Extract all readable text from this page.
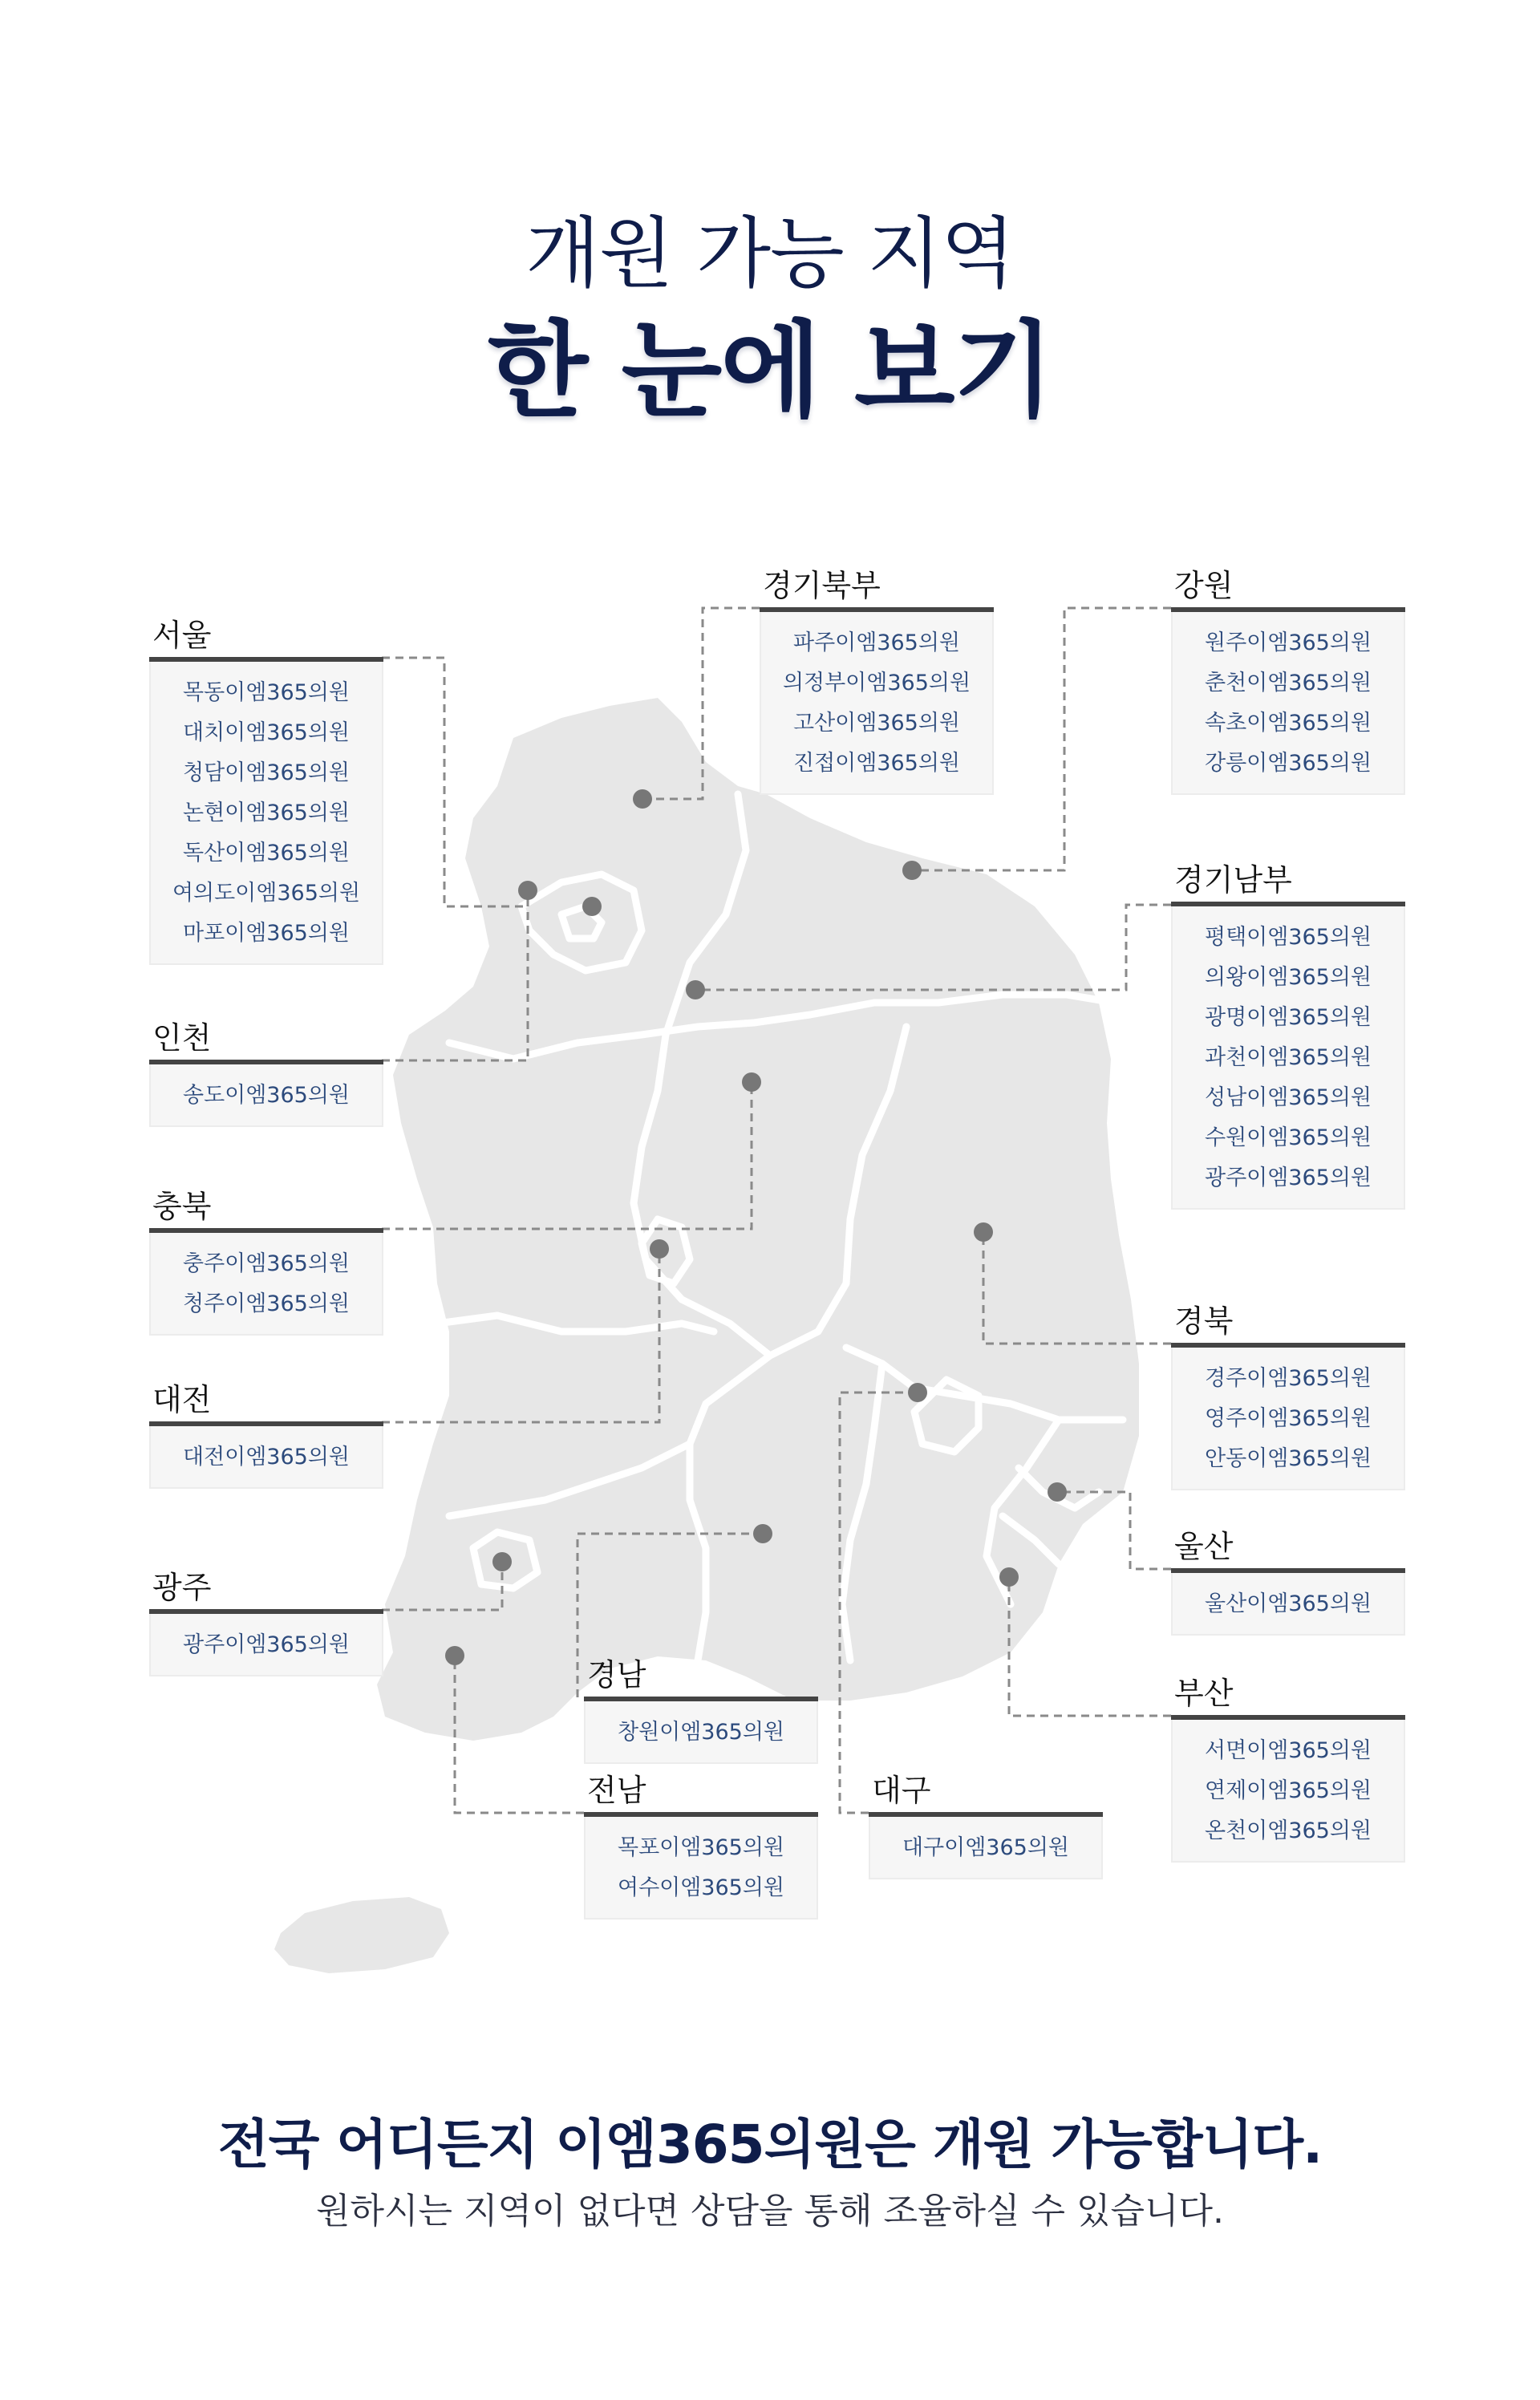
개원 가능 지역
한 눈에 보기
서울
목동이엠365의원
대치이엠365의원
청담이엠365의원
논현이엠365의원
독산이엠365의원
여의도이엠365의원
마포이엠365의원
인천
송도이엠365의원
충북
충주이엠365의원
청주이엠365의원
대전
대전이엠365의원
광주
광주이엠365의원
경기북부
파주이엠365의원
의정부이엠365의원
고산이엠365의원
진접이엠365의원
강원
원주이엠365의원
춘천이엠365의원
속초이엠365의원
강릉이엠365의원
경기남부
평택이엠365의원
의왕이엠365의원
광명이엠365의원
과천이엠365의원
성남이엠365의원
수원이엠365의원
광주이엠365의원
경북
경주이엠365의원
영주이엠365의원
안동이엠365의원
울산
울산이엠365의원
부산
서면이엠365의원
연제이엠365의원
온천이엠365의원
경남
창원이엠365의원
전남
목포이엠365의원
여수이엠365의원
대구
대구이엠365의원
전국 어디든지 이엠365의원은 개원 가능합니다.
원하시는 지역이 없다면 상담을 통해 조율하실 수 있습니다.
